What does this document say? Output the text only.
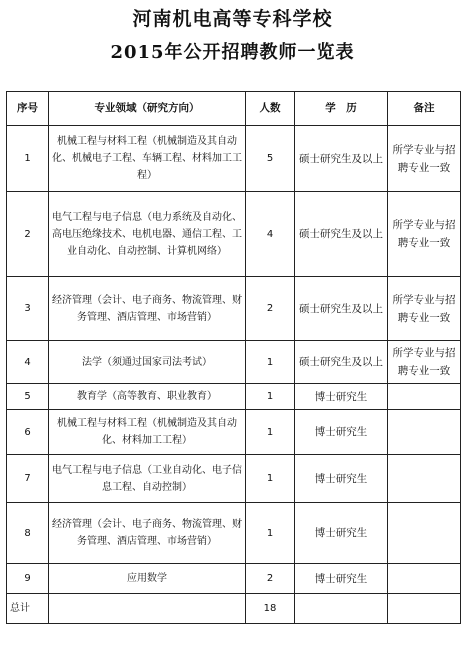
河南机电高等专科学校
2015年公开招聘教师一览表
序号	专业领域（研究方向）	人数	学　历	备注
1	机械工程与材料工程（机械制造及其自动化、机械电子工程、车辆工程、材料加工工程）	5	硕士研究生及以上	所学专业与招聘专业一致
2	电气工程与电子信息（电力系统及自动化、高电压绝缘技术、电机电器、通信工程、工业自动化、自动控制、计算机网络）	4	硕士研究生及以上	所学专业与招聘专业一致
3	经济管理（会计、电子商务、物流管理、财务管理、酒店管理、市场营销）	2	硕士研究生及以上	所学专业与招聘专业一致
4	法学（须通过国家司法考试）	1	硕士研究生及以上	所学专业与招聘专业一致
5	教育学（高等教育、职业教育）	1	博士研究生	
6	机械工程与材料工程（机械制造及其自动化、材料加工工程）	1	博士研究生	
7	电气工程与电子信息（工业自动化、电子信息工程、自动控制）	1	博士研究生	
8	经济管理（会计、电子商务、物流管理、财务管理、酒店管理、市场营销）	1	博士研究生	
9	应用数学	2	博士研究生	
总计		18		
